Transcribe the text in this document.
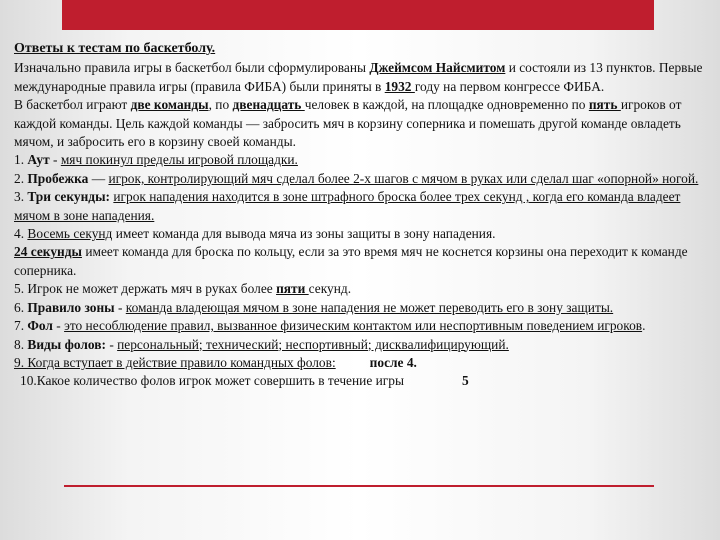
Ответы к тестам по баскетболу.

Изначально правила игры в баскетбол были сформулированы Джеймсом Найсмитом и состояли из 13 пунктов. Первые международные правила игры (правила ФИБА) были приняты в 1932 году на первом конгрессе ФИБА.

В баскетбол играют две команды, по двенадцать человек в каждой, на площадке одновременно по пять игроков от каждой команды. Цель каждой команды — забросить мяч в корзину соперника и помешать другой команде овладеть мячом, и забросить его в корзину своей команды.

1. Аут - мяч покинул пределы игровой площадки.

2. Пробежка — игрок, контролирующий мяч сделал более 2-х шагов с мячом в руках или сделал шаг «опорной» ногой.

3. Три секунды: игрок нападения находится в зоне штрафного броска более трех секунд , когда его команда владеет мячом в зоне нападения.

4. Восемь секунд имеет команда для вывода мяча из зоны защиты в зону нападения.

24 секунды имеет команда для броска по кольцу, если за это время мяч не коснется корзины она переходит к команде соперника.

5. Игрок не может держать мяч в руках более пяти секунд.

6. Правило зоны - команда владеющая мячом в зоне нападения не может переводить его в зону защиты.

7. Фол - это несоблюдение правил, вызванное физическим контактом или неспортивным поведением игроков.

8. Виды фолов: - персональный; технический; неспортивный; дисквалифицирующий.

9. Когда вступает в действие правило командных фолов:	после 4.

10.Какое количество фолов игрок может совершить в течение игры	5
